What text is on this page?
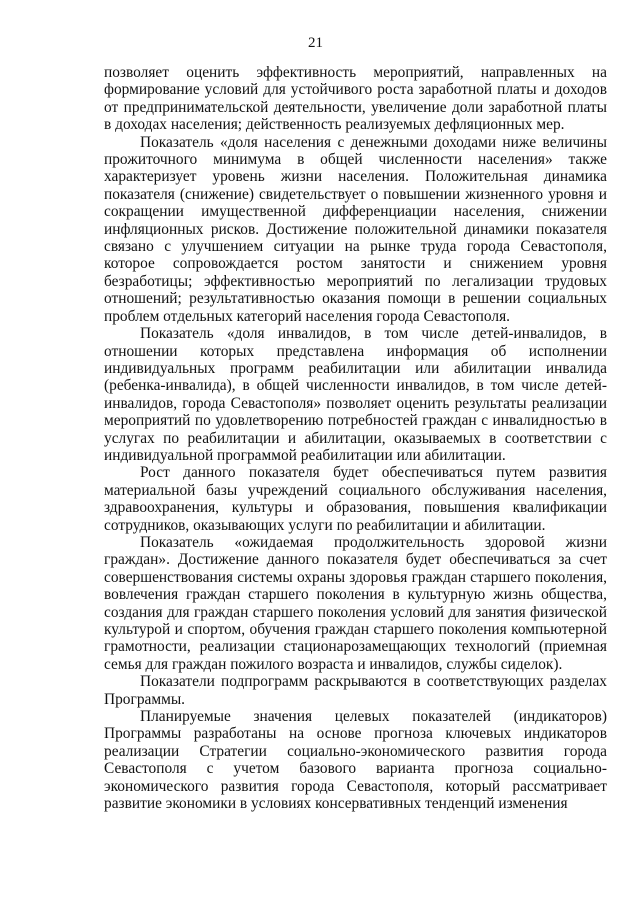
21

позволяет оценить эффективность мероприятий, направленных на формирование условий для устойчивого роста заработной платы и доходов от предпринимательской деятельности, увеличение доли заработной платы в доходах населения; действенность реализуемых дефляционных мер.

Показатель «доля населения с денежными доходами ниже величины прожиточного минимума в общей численности населения» также характеризует уровень жизни населения. Положительная динамика показателя (снижение) свидетельствует о повышении жизненного уровня и сокращении имущественной дифференциации населения, снижении инфляционных рисков. Достижение положительной динамики показателя связано с улучшением ситуации на рынке труда города Севастополя, которое сопровождается ростом занятости и снижением уровня безработицы; эффективностью мероприятий по легализации трудовых отношений; результативностью оказания помощи в решении социальных проблем отдельных категорий населения города Севастополя.

Показатель «доля инвалидов, в том числе детей-инвалидов, в отношении которых представлена информация об исполнении индивидуальных программ реабилитации или абилитации инвалида (ребенка-инвалида), в общей численности инвалидов, в том числе детей-инвалидов, города Севастополя» позволяет оценить результаты реализации мероприятий по удовлетворению потребностей граждан с инвалидностью в услугах по реабилитации и абилитации, оказываемых в соответствии с индивидуальной программой реабилитации или абилитации.

Рост данного показателя будет обеспечиваться путем развития материальной базы учреждений социального обслуживания населения, здравоохранения, культуры и образования, повышения квалификации сотрудников, оказывающих услуги по реабилитации и абилитации.

Показатель «ожидаемая продолжительность здоровой жизни граждан». Достижение данного показателя будет обеспечиваться за счет совершенствования системы охраны здоровья граждан старшего поколения, вовлечения граждан старшего поколения в культурную жизнь общества, создания для граждан старшего поколения условий для занятия физической культурой и спортом, обучения граждан старшего поколения компьютерной грамотности, реализации стационарозамещающих технологий (приемная семья для граждан пожилого возраста и инвалидов, службы сиделок).

Показатели подпрограмм раскрываются в соответствующих разделах Программы.

Планируемые значения целевых показателей (индикаторов) Программы разработаны на основе прогноза ключевых индикаторов реализации Стратегии социально-экономического развития города Севастополя с учетом базового варианта прогноза социально-экономического развития города Севастополя, который рассматривает развитие экономики в условиях консервативных тенденций изменения
